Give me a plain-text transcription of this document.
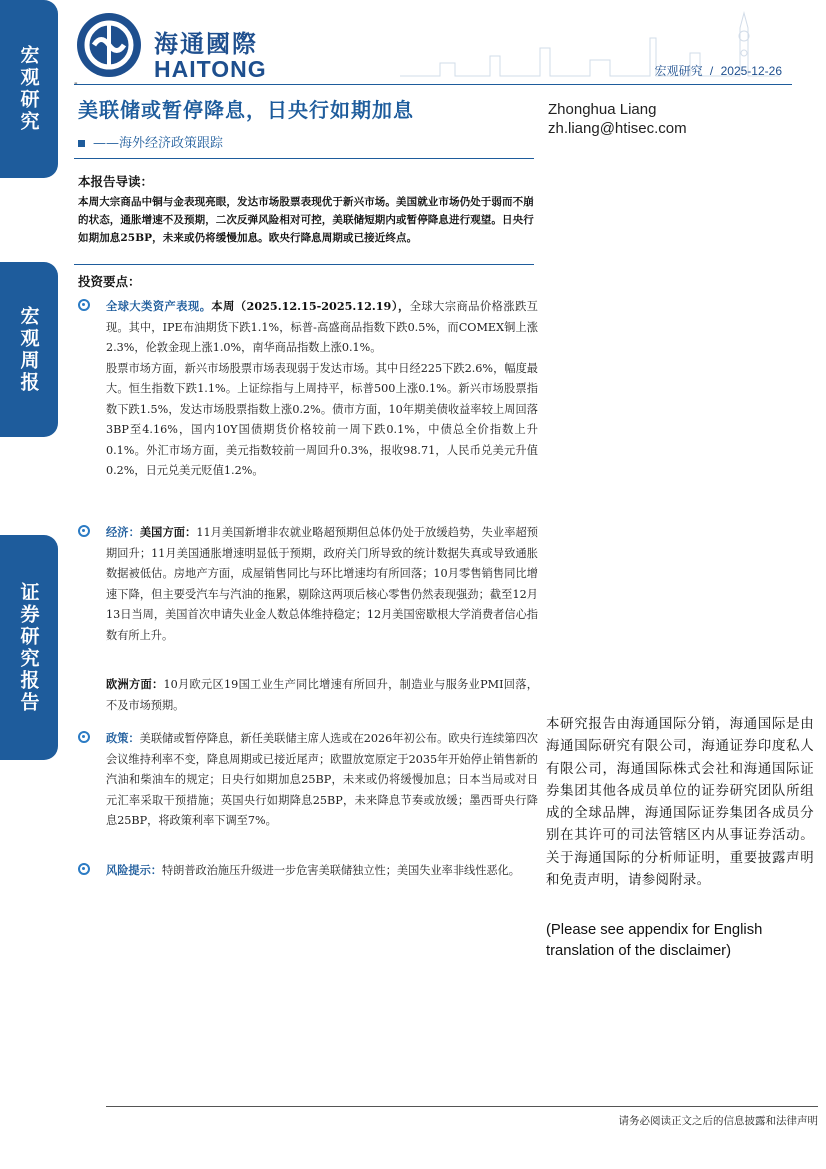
宏观研究
宏观周报
证券研究报告
海通國際
HAITONG
-
宏观研究 / 2025-12-26
美联储或暂停降息，日央行如期加息
——海外经济政策跟踪
Zhonghua Liang
zh.liang@htisec.com
本报告导读：
本周大宗商品中铜与金表现亮眼，发达市场股票表现优于新兴市场。美国就业市场仍处于弱而不崩的状态，通胀增速不及预期，二次反弹风险相对可控，美联储短期内或暂停降息进行观望。日央行如期加息25BP，未来或仍将缓慢加息。欧央行降息周期或已接近终点。
投资要点：

全球大类资产表现。本周（2025.12.15-2025.12.19），全球大宗商品价格涨跌互现。其中，IPE布油期货下跌1.1%，标普-高盛商品指数下跌0.5%，而COMEX铜上涨2.3%，伦敦金现上涨1.0%，南华商品指数上涨0.1%。

股票市场方面，新兴市场股票市场表现弱于发达市场。其中日经225下跌2.6%，幅度最大。恒生指数下跌1.1%。上证综指与上周持平，标普500上涨0.1%。新兴市场股票指数下跌1.5%，发达市场股票指数上涨0.2%。债市方面，10年期美债收益率较上周回落3BP至4.16%，国内10Y国债期货价格较前一周下跌0.1%，中债总全价指数上升0.1%。外汇市场方面，美元指数较前一周回升0.3%，报收98.71，人民币兑美元升值0.2%，日元兑美元贬值1.2%。

经济：美国方面：11月美国新增非农就业略超预期但总体仍处于放缓趋势，失业率超预期回升；11月美国通胀增速明显低于预期，政府关门所导致的统计数据失真或导致通胀数据被低估。房地产方面，成屋销售同比与环比增速均有所回落；10月零售销售同比增速下降，但主要受汽车与汽油的拖累，剔除这两项后核心零售仍然表现强劲；截至12月13日当周，美国首次申请失业金人数总体维持稳定；12月美国密歇根大学消费者信心指数有所上升。

欧洲方面：10月欧元区19国工业生产同比增速有所回升，制造业与服务业PMI回落，不及市场预期。

政策：美联储或暂停降息，新任美联储主席人选或在2026年初公布。欧央行连续第四次会议维持利率不变，降息周期或已接近尾声；欧盟放宽原定于2035年开始停止销售新的汽油和柴油车的规定；日央行如期加息25BP，未来或仍将缓慢加息；日本当局或对日元汇率采取干预措施；英国央行如期降息25BP，未来降息节奏或放缓；墨西哥央行降息25BP，将政策利率下调至7%。

风险提示：特朗普政治施压升级进一步危害美联储独立性；美国失业率非线性恶化。

本研究报告由海通国际分销，海通国际是由海通国际研究有限公司，海通证券印度私人有限公司，海通国际株式会社和海通国际证券集团其他各成员单位的证券研究团队所组成的全球品牌，海通国际证券集团各成员分别在其许可的司法管辖区内从事证券活动。关于海通国际的分析师证明，重要披露声明和免责声明，请参阅附录。
(Please see appendix for English translation of the disclaimer)
请务必阅读正文之后的信息披露和法律声明
